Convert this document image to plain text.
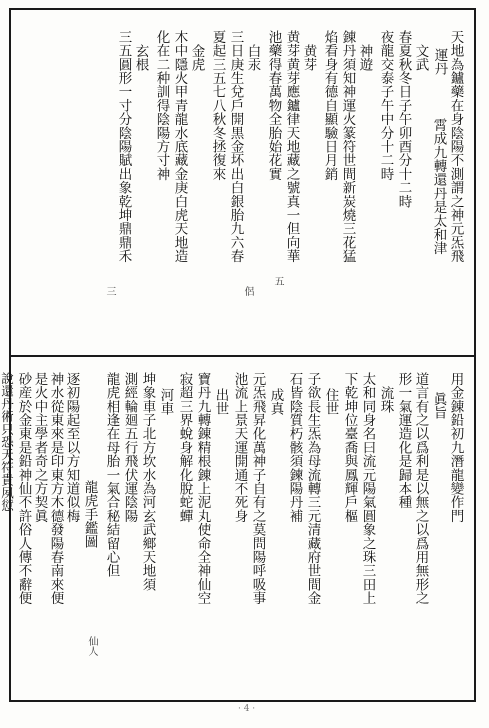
運丹 天地為鑪藥在身陰陽不測謂之神元炁飛
霄成九轉還丹是太和津
文武
春夏秋冬日子午卯酉分十二時
夜龍交泰子午中分十二時
神遊
錬丹須知神運火篆符世間新炭燒三花猛
焰看身有德自顯驗日月銷
黄芽
黄芽黄芽應鑪律天地藏之號真一但向華
池藥得春萬物全胎始花實
白汞
三日庚生兌戶開黒金坏出白銀胎九六春
夏起三五七八秋冬拯復來
金虎
木中隱火甲青龍水底藏金庚白虎天地造
化在二种訓得陰陽方寸神
玄根
三五圓形一寸分陰陽賦出象乾坤鼎鼎禾
用金錬鉛初九潛龍變作門
眞旨
道言有之以爲利是以無之以爲用無形之
形一氣運造化是歸本種
流珠
太和同身名曰流元陽氣圓象之珠三田上
下乾坤位臺喬與鳳輝戶樞
住世
子欲長生炁為母流轉三元清藏府世間金
石皆陰質朽骸須鍊陽丹補
成真
元炁飛昇化萬神子自有之莫問陽呼吸事
池流上景天運開通不死身
出世
寶丹九轉錬精根錬上泥丸使命全神仙空
寂超三界蛻身解化脫蛇蟬
河車
坤象車子北方坎水為河玄武鄉天地須
測經輪廻五行飛伏運陰陽
龍虎相逢在母胎一氣合秘結留心但
龍虎手鑑圖
逐初陽起至以方知道似梅
神水從東來是印東方木德發陽春南來便
是火中主學者奇之方契眞
砂産於金東是鉛神仙不許俗人傳不辭便
說還丹術只恐天符貴夙愆
三	侶
五
仙人
· 4 ·
